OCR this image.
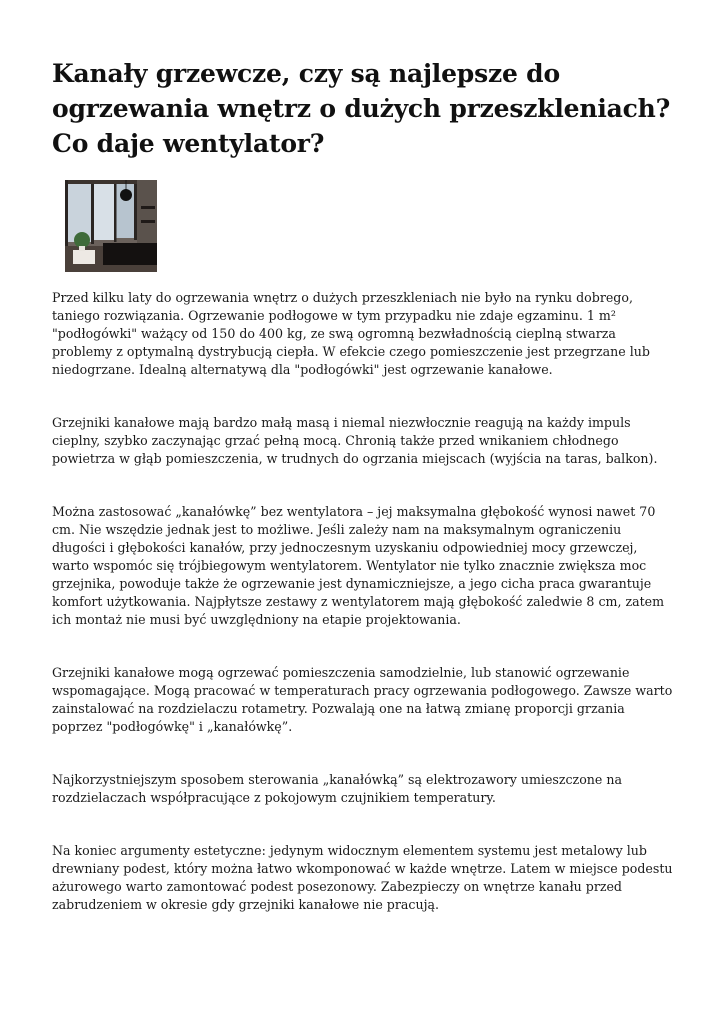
Kanały grzewcze, czy są najlepsze do ogrzewania wnętrz o dużych przeszkleniach? Co daje wentylator?

Przed kilku laty do ogrzewania wnętrz o dużych przeszkleniach nie było na rynku dobrego, taniego rozwiązania. Ogrzewanie podłogowe w tym przypadku nie zdaje egzaminu. 1 m² "podłogówki" ważący od 150 do 400 kg, ze swą ogromną bezwładnością cieplną stwarza problemy z optymalną dystrybucją ciepła. W efekcie czego pomieszczenie jest przegrzane lub niedogrzane. Idealną alternatywą dla "podłogówki" jest ogrzewanie kanałowe.

Grzejniki kanałowe mają bardzo małą masą i niemal niezwłocznie reagują na każdy impuls cieplny, szybko zaczynając grzać pełną mocą. Chronią także przed wnikaniem chłodnego powietrza w głąb pomieszczenia, w trudnych do ogrzania miejscach (wyjścia na taras, balkon).

Można zastosować „kanałówkę” bez wentylatora – jej maksymalna głębokość wynosi nawet 70 cm. Nie wszędzie jednak jest to możliwe. Jeśli zależy nam na maksymalnym ograniczeniu długości i głębokości kanałów, przy jednoczesnym uzyskaniu odpowiedniej mocy grzewczej, warto wspomóc się trójbiegowym wentylatorem. Wentylator nie tylko znacznie zwiększa moc grzejnika, powoduje także że ogrzewanie jest dynamiczniejsze, a jego cicha praca gwarantuje komfort użytkowania. Najpłytsze zestawy z wentylatorem mają głębokość zaledwie 8 cm, zatem ich montaż nie musi być uwzględniony na etapie projektowania.

Grzejniki kanałowe mogą ogrzewać pomieszczenia samodzielnie, lub stanowić ogrzewanie wspomagające. Mogą pracować w temperaturach pracy ogrzewania podłogowego. Zawsze warto zainstalować na rozdzielaczu rotametry. Pozwalają one na łatwą zmianę proporcji grzania poprzez "podłogówkę" i „kanałówkę”.

Najkorzystniejszym sposobem sterowania „kanałówką” są elektrozawory umieszczone na rozdzielaczach współpracujące z pokojowym czujnikiem temperatury.

Na koniec argumenty estetyczne: jedynym widocznym elementem systemu jest metalowy lub drewniany podest, który można łatwo wkomponować w każde wnętrze. Latem w miejsce podestu ażurowego warto zamontować podest posezonowy. Zabezpieczy on wnętrze kanału przed zabrudzeniem w okresie gdy grzejniki kanałowe nie pracują.
